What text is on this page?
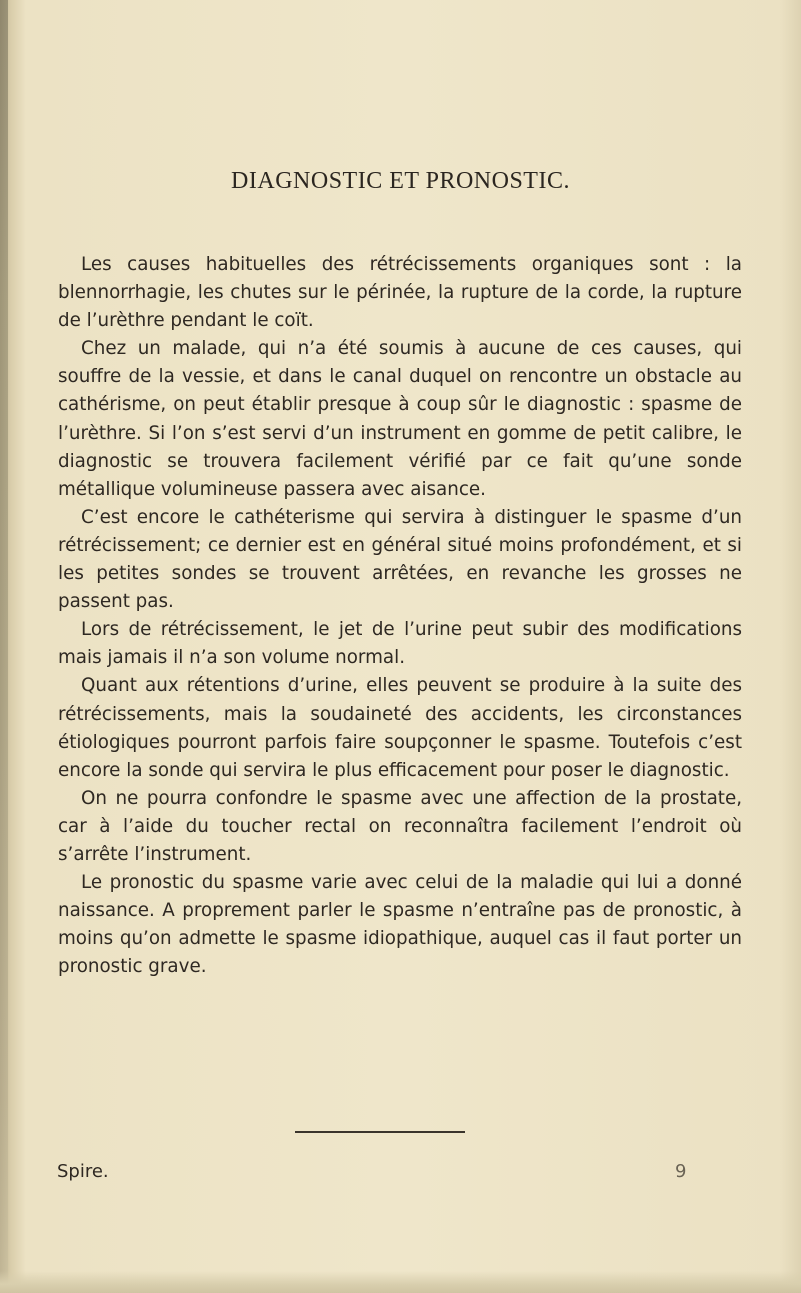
DIAGNOSTIC ET PRONOSTIC.

Les causes habituelles des rétrécissements organiques sont : la blennorrhagie, les chutes sur le périnée, la rupture de la corde, la rupture de l’urèthre pendant le coït.

Chez un malade, qui n’a été soumis à aucune de ces causes, qui souffre de la vessie, et dans le canal duquel on rencontre un obstacle au cathérisme, on peut établir presque à coup sûr le diagnostic : spasme de l’urèthre. Si l’on s’est servi d’un instrument en gomme de petit calibre, le diagnostic se trouvera facilement vérifié par ce fait qu’une sonde métallique volumineuse passera avec aisance.

C’est encore le cathéterisme qui servira à distinguer le spasme d’un rétrécissement; ce dernier est en général situé moins profondément, et si les petites sondes se trouvent arrêtées, en revanche les grosses ne passent pas.

Lors de rétrécissement, le jet de l’urine peut subir des modifications mais jamais il n’a son volume normal.

Quant aux rétentions d’urine, elles peuvent se produire à la suite des rétrécissements, mais la soudaineté des accidents, les circonstances étiologiques pourront parfois faire soupçonner le spasme. Toutefois c’est encore la sonde qui servira le plus efficacement pour poser le diagnostic.

On ne pourra confondre le spasme avec une affection de la prostate, car à l’aide du toucher rectal on reconnaîtra facilement l’endroit où s’arrête l’instrument.

Le pronostic du spasme varie avec celui de la maladie qui lui a donné naissance. A proprement parler le spasme n’entraîne pas de pronostic, à moins qu’on admette le spasme idiopathique, auquel cas il faut porter un pronostic grave.

Spire.	9
